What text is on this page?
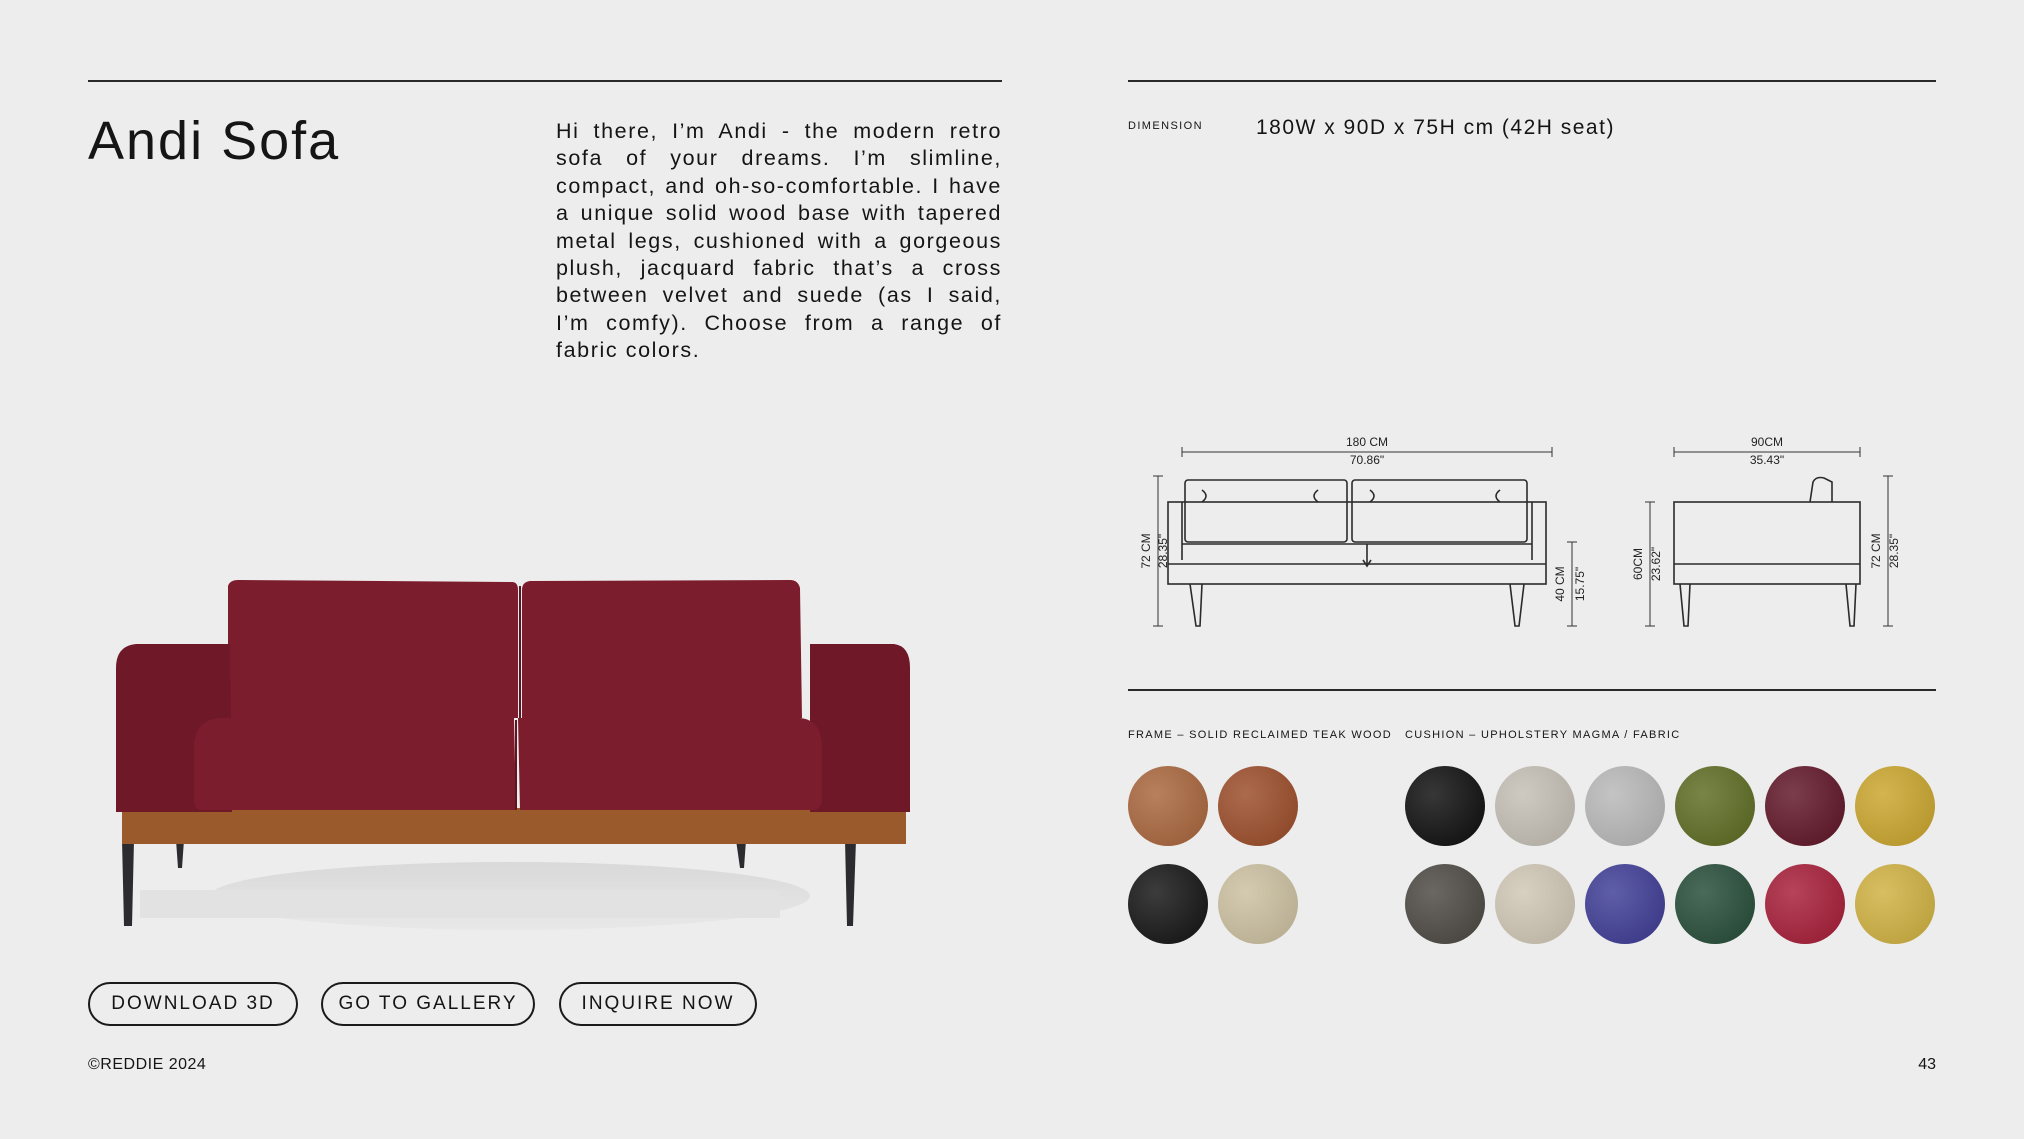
Andi Sofa	Hi there, I’m Andi - the modern retro sofa of your dreams. I’m slimline, compact, and oh-so-comfortable. I have a unique solid wood base with tapered metal legs, cushioned with a gorgeous plush, jacquard fabric that’s a cross between velvet and suede (as I said, I’m comfy). Choose from a range of fabric colors.

DIMENSION	180W x 90D x 75H cm (42H seat)
180 CM
70.86"
72 CM 28.35"
40 CM 15.75"
90CM
35.43"
60CM 23.62"	72 CM 28.35"
FRAME – SOLID RECLAIMED TEAK WOOD CUSHION – UPHOLSTERY MAGMA / FABRIC
DOWNLOAD 3D	GO TO GALLERY	INQUIRE NOW
©REDDIE 2024	43
